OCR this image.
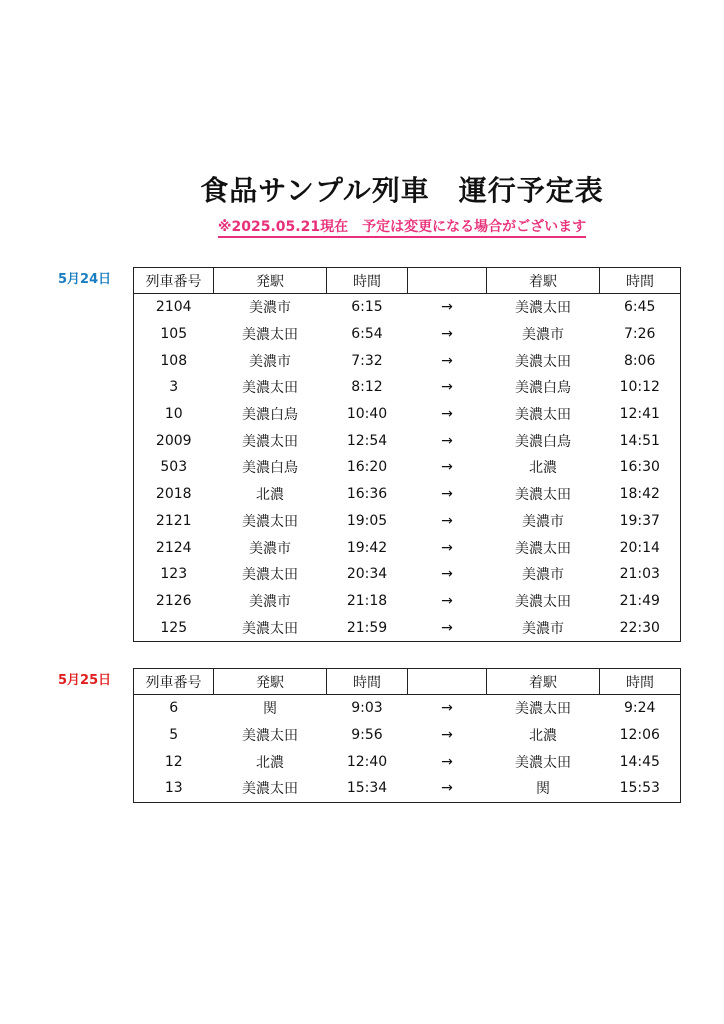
食品サンプル列車　運行予定表
※2025.05.21現在　予定は変更になる場合がございます
5月24日 列車番号	発駅	時間		着駅	時間
2104	美濃市	6:15	→	美濃太田	6:45
105	美濃太田	6:54	→	美濃市	7:26
108	美濃市	7:32	→	美濃太田	8:06
3	美濃太田	8:12	→	美濃白鳥	10:12
10	美濃白鳥	10:40	→	美濃太田	12:41
2009	美濃太田	12:54	→	美濃白鳥	14:51
503	美濃白鳥	16:20	→	北濃	16:30
2018	北濃	16:36	→	美濃太田	18:42
2121	美濃太田	19:05	→	美濃市	19:37
2124	美濃市	19:42	→	美濃太田	20:14
123	美濃太田	20:34	→	美濃市	21:03
2126	美濃市	21:18	→	美濃太田	21:49
125	美濃太田	21:59	→	美濃市	22:30
5月25日 列車番号	発駅	時間		着駅	時間
6	関	9:03	→	美濃太田	9:24
5	美濃太田	9:56	→	北濃	12:06
12	北濃	12:40	→	美濃太田	14:45
13	美濃太田	15:34	→	関	15:53
